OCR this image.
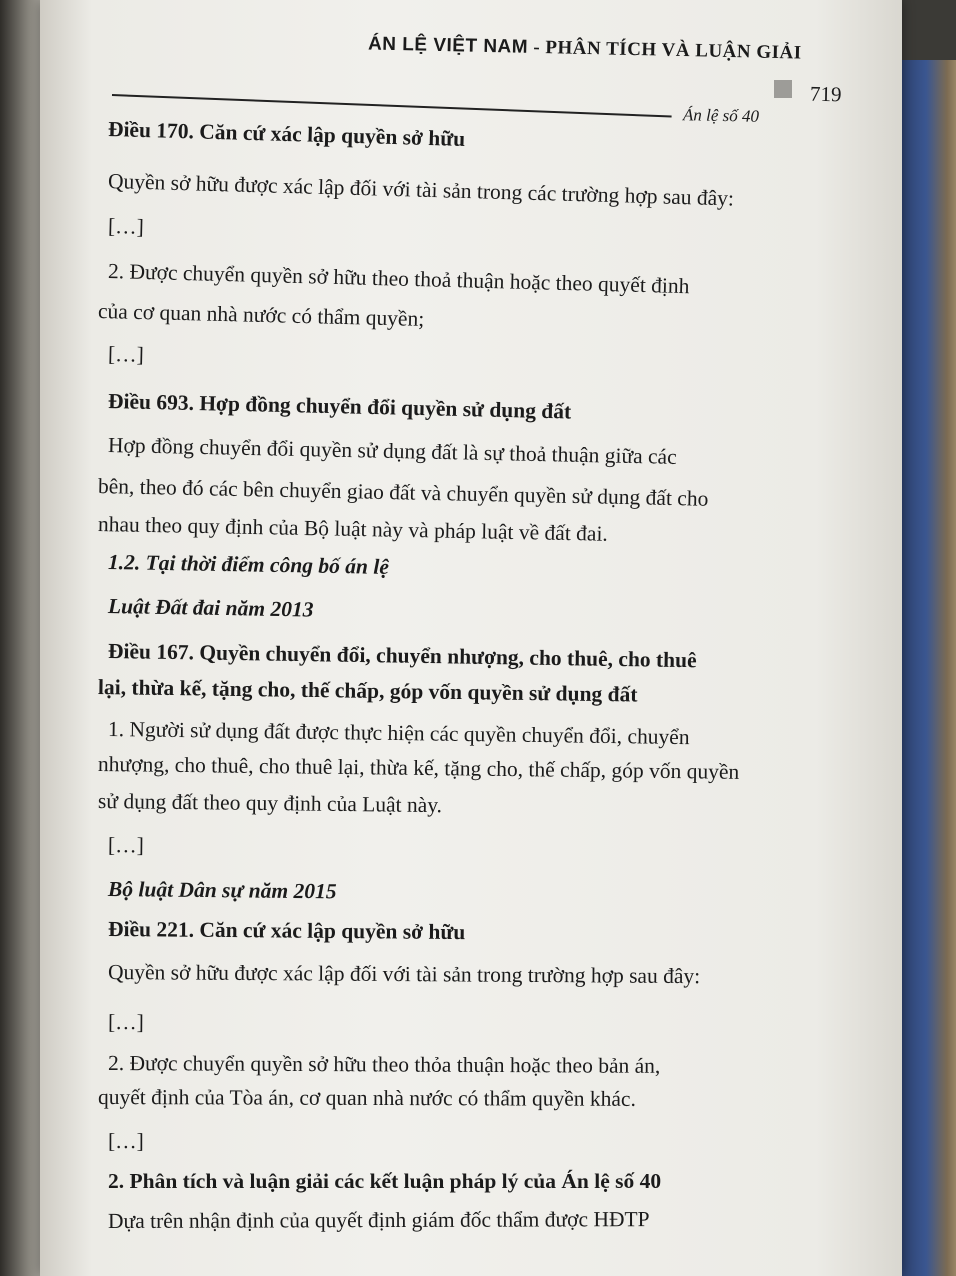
ÁN LỆ VIỆT NAM - PHÂN TÍCH VÀ LUẬN GIẢI
719
Án lệ số 40
Điều 170. Căn cứ xác lập quyền sở hữu
Quyền sở hữu được xác lập đối với tài sản trong các trường hợp sau đây:
[…]
2. Được chuyển quyền sở hữu theo thoả thuận hoặc theo quyết định
của cơ quan nhà nước có thẩm quyền;
[…]
Điều 693. Hợp đồng chuyển đổi quyền sử dụng đất
Hợp đồng chuyển đổi quyền sử dụng đất là sự thoả thuận giữa các
bên, theo đó các bên chuyển giao đất và chuyển quyền sử dụng đất cho
nhau theo quy định của Bộ luật này và pháp luật về đất đai.
1.2. Tại thời điểm công bố án lệ
Luật Đất đai năm 2013
Điều 167. Quyền chuyển đổi, chuyển nhượng, cho thuê, cho thuê
lại, thừa kế, tặng cho, thế chấp, góp vốn quyền sử dụng đất
1. Người sử dụng đất được thực hiện các quyền chuyển đổi, chuyển
nhượng, cho thuê, cho thuê lại, thừa kế, tặng cho, thế chấp, góp vốn quyền
sử dụng đất theo quy định của Luật này.
[…]
Bộ luật Dân sự năm 2015
Điều 221. Căn cứ xác lập quyền sở hữu
Quyền sở hữu được xác lập đối với tài sản trong trường hợp sau đây:
[…]
2. Được chuyển quyền sở hữu theo thỏa thuận hoặc theo bản án,
quyết định của Tòa án, cơ quan nhà nước có thẩm quyền khác.
[…]
2. Phân tích và luận giải các kết luận pháp lý của Án lệ số 40
Dựa trên nhận định của quyết định giám đốc thẩm được HĐTP
